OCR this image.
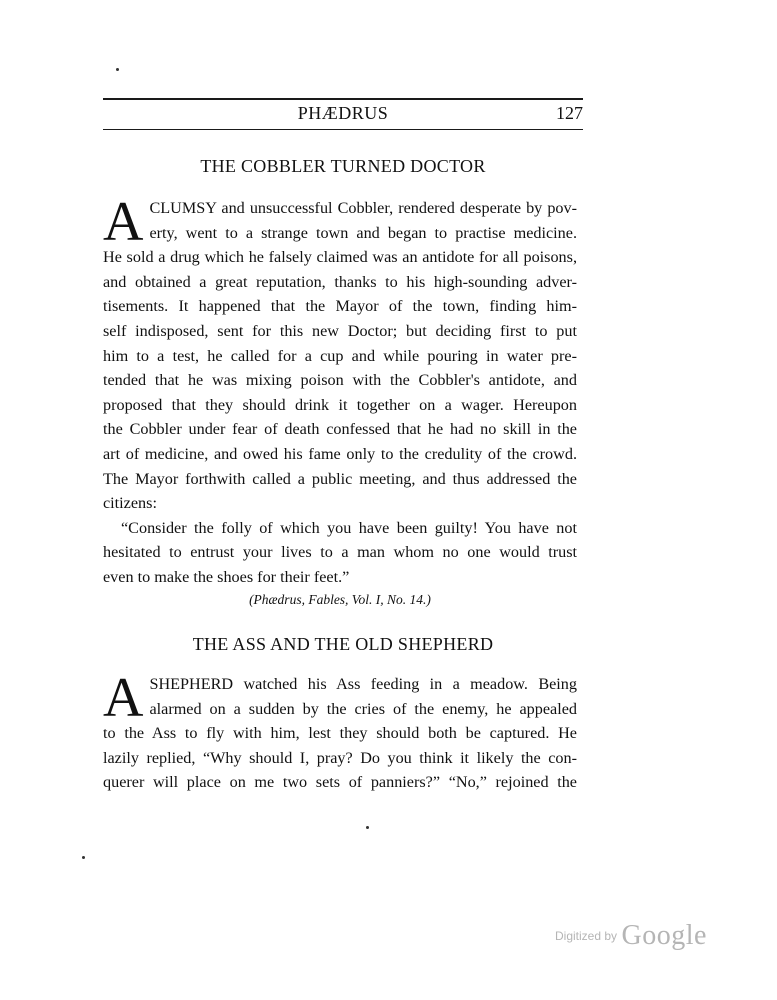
PHÆDRUS	127
THE COBBLER TURNED DOCTOR
A CLUMSY and unsuccessful Cobbler, rendered desperate by pov-
erty, went to a strange town and began to practise medicine.
He sold a drug which he falsely claimed was an antidote for all poisons,
and obtained a great reputation, thanks to his high-sounding adver-
tisements. It happened that the Mayor of the town, finding him-
self indisposed, sent for this new Doctor; but deciding first to put
him to a test, he called for a cup and while pouring in water pre-
tended that he was mixing poison with the Cobbler's antidote, and
proposed that they should drink it together on a wager. Hereupon
the Cobbler under fear of death confessed that he had no skill in the
art of medicine, and owed his fame only to the credulity of the crowd.
The Mayor forthwith called a public meeting, and thus addressed the
citizens:
“Consider the folly of which you have been guilty! You have not
hesitated to entrust your lives to a man whom no one would trust
even to make the shoes for their feet.”
(Phædrus, Fables, Vol. I, No. 14.)
THE ASS AND THE OLD SHEPHERD
A SHEPHERD watched his Ass feeding in a meadow. Being
alarmed on a sudden by the cries of the enemy, he appealed
to the Ass to fly with him, lest they should both be captured. He
lazily replied, “Why should I, pray? Do you think it likely the con-
querer will place on me two sets of panniers?” “No,” rejoined the
Digitized by Google
